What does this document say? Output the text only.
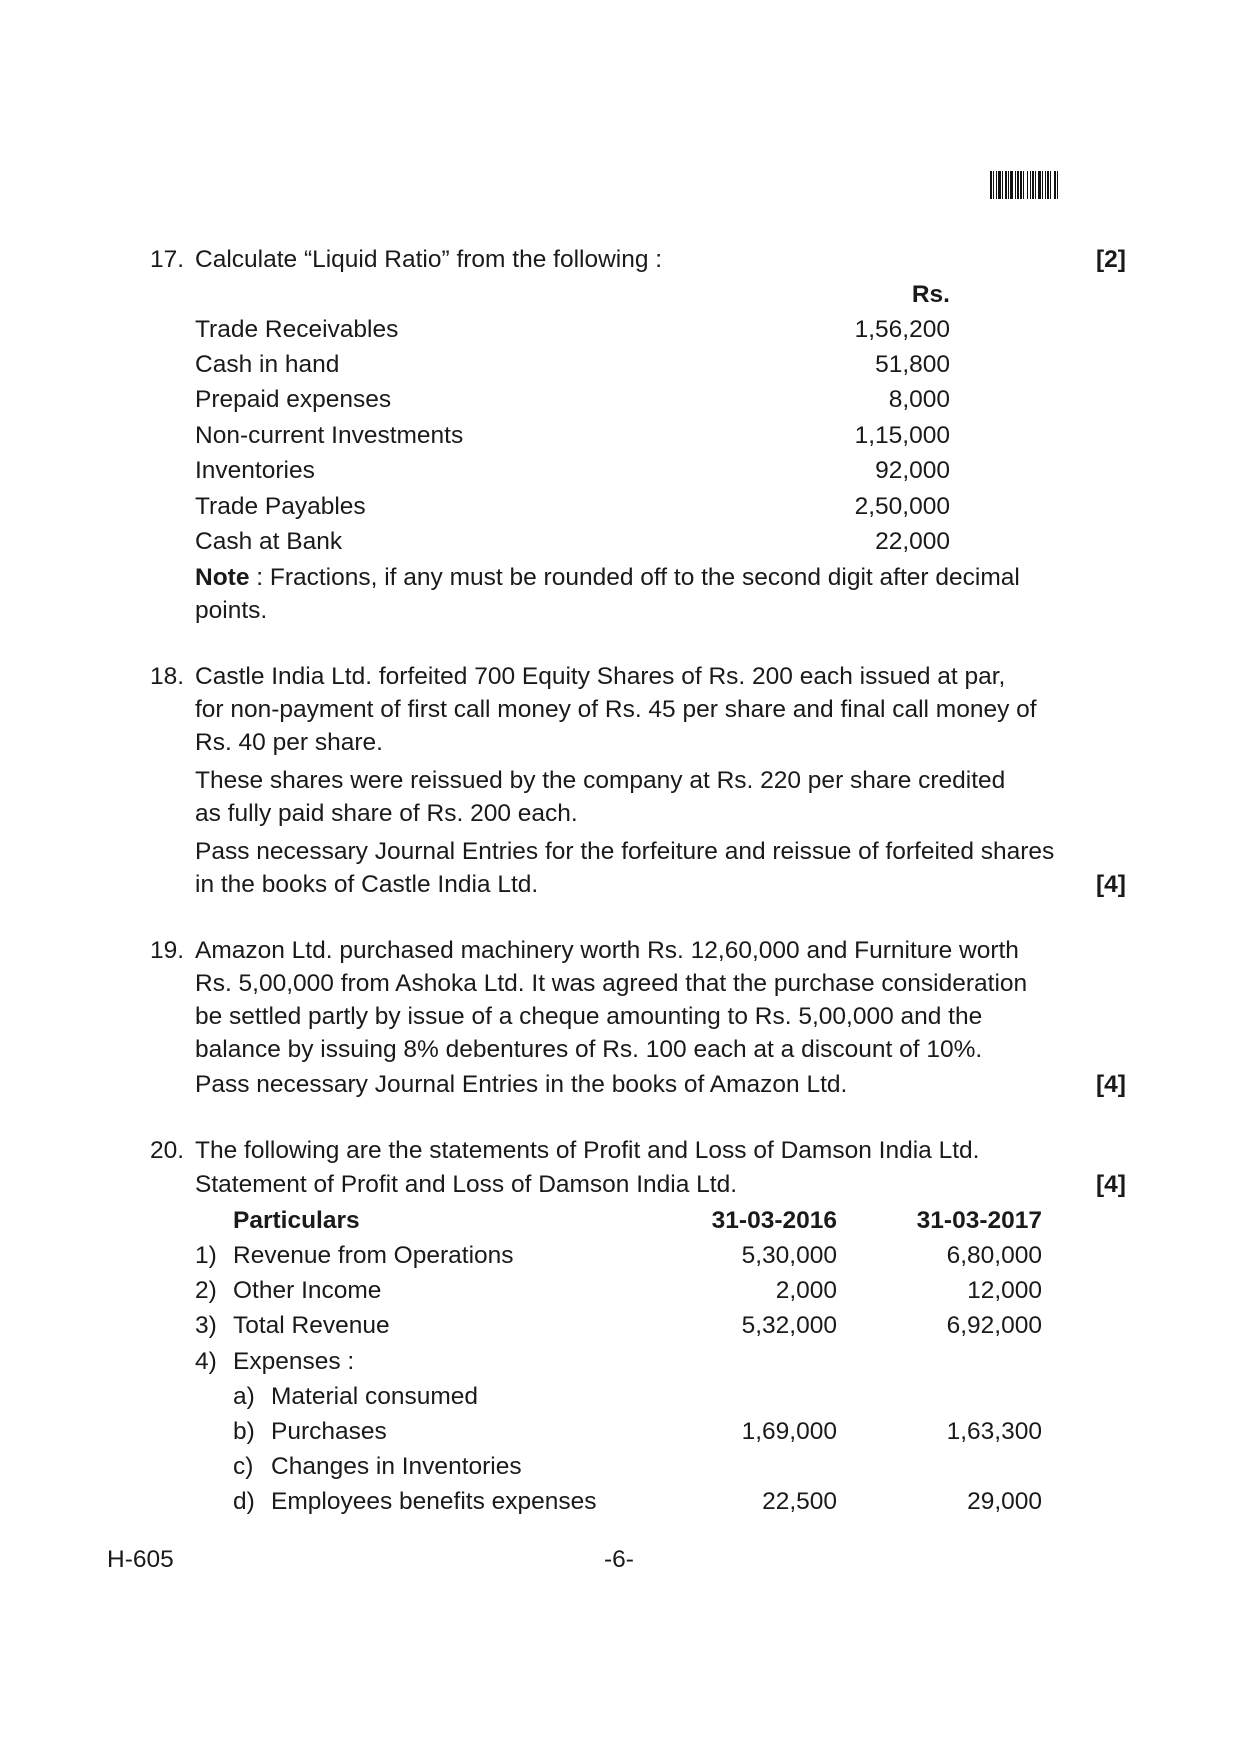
17. Calculate “Liquid Ratio” from the following :	[2]
Rs.
Trade Receivables	1,56,200
Cash in hand	51,800
Prepaid expenses	8,000
Non-current Investments	1,15,000
Inventories	92,000
Trade Payables	2,50,000
Cash at Bank	22,000
Note : Fractions, if any must be rounded off to the second digit after decimal
points.
18. Castle India Ltd. forfeited 700 Equity Shares of Rs. 200 each issued at par,
for non-payment of first call money of Rs. 45 per share and final call money of
Rs. 40 per share.
These shares were reissued by the company at Rs. 220 per share credited
as fully paid share of Rs. 200 each.
Pass necessary Journal Entries for the forfeiture and reissue of forfeited shares
in the books of Castle India Ltd.	[4]
19. Amazon Ltd. purchased machinery worth Rs. 12,60,000 and Furniture worth
Rs. 5,00,000 from Ashoka Ltd. It was agreed that the purchase consideration
be settled partly by issue of a cheque amounting to Rs. 5,00,000 and the
balance by issuing 8% debentures of Rs. 100 each at a discount of 10%.
Pass necessary Journal Entries in the books of Amazon Ltd.	[4]
20. The following are the statements of Profit and Loss of Damson India Ltd.
Statement of Profit and Loss of Damson India Ltd.	[4]
Particulars	31-03-2016	31-03-2017
1) Revenue from Operations	5,30,000	6,80,000
2) Other Income	2,000	12,000
3) Total Revenue	5,32,000	6,92,000
4) Expenses :
a) Material consumed
b) Purchases	1,69,000	1,63,300
c) Changes in Inventories
d) Employees benefits expenses	22,500	29,000
H-605	-6-
